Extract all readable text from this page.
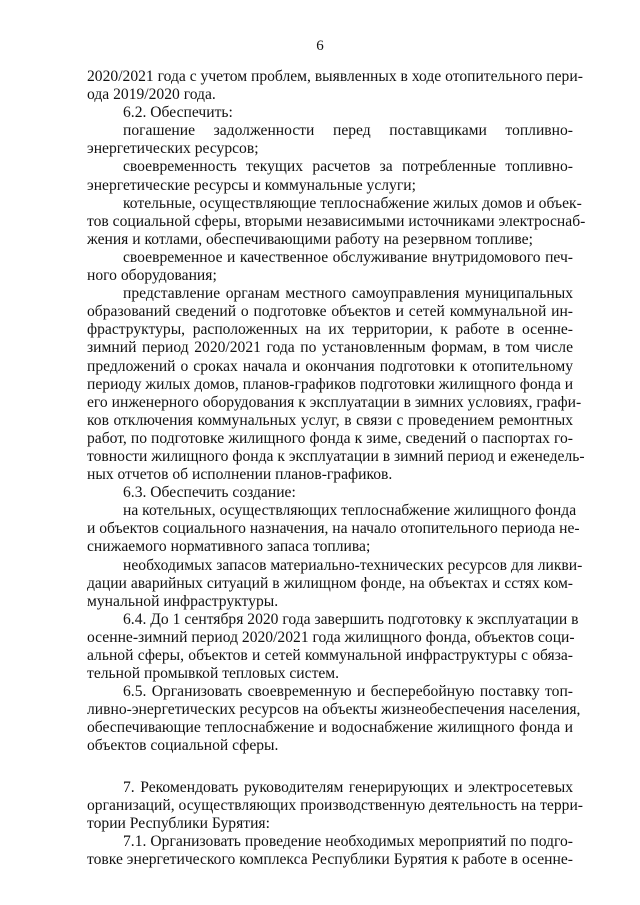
6
2020/2021 года с учетом проблем, выявленных в ходе отопительного пери-
ода 2019/2020 года.
6.2. Обеспечить:
погашение задолженности перед поставщиками топливно-
энергетических ресурсов;
своевременность текущих расчетов за потребленные топливно-
энергетические ресурсы и коммунальные услуги;
котельные, осуществляющие теплоснабжение жилых домов и объек-
тов социальной сферы, вторыми независимыми источниками электроснаб-
жения и котлами, обеспечивающими работу на резервном топливе;
своевременное и качественное обслуживание внутридомового печ-
ного оборудования;
представление органам местного самоуправления муниципальных
образований сведений о подготовке объектов и сетей коммунальной ин-
фраструктуры, расположенных на их территории, к работе в осенне-
зимний период 2020/2021 года по установленным формам, в том числе
предложений о сроках начала и окончания подготовки к отопительному
периоду жилых домов, планов-графиков подготовки жилищного фонда и
его инженерного оборудования к эксплуатации в зимних условиях, графи-
ков отключения коммунальных услуг, в связи с проведением ремонтных
работ, по подготовке жилищного фонда к зиме, сведений о паспортах го-
товности жилищного фонда к эксплуатации в зимний период и еженедель-
ных отчетов об исполнении планов-графиков.
6.3. Обеспечить создание:
на котельных, осуществляющих теплоснабжение жилищного фонда
и объектов социального назначения, на начало отопительного периода не-
снижаемого нормативного запаса топлива;
необходимых запасов материально-технических ресурсов для ликви-
дации аварийных ситуаций в жилищном фонде, на объектах и сстях ком-
мунальной инфраструктуры.
6.4. До 1 сентября 2020 года завершить подготовку к эксплуатации в
осенне-зимний период 2020/2021 года жилищного фонда, объектов соци-
альной сферы, объектов и сетей коммунальной инфраструктуры с обяза-
тельной промывкой тепловых систем.
6.5. Организовать своевременную и бесперебойную поставку топ-
ливно-энергетических ресурсов на объекты жизнеобеспечения населения,
обеспечивающие теплоснабжение и водоснабжение жилищного фонда и
объектов социальной сферы.
7. Рекомендовать руководителям генерирующих и электросетевых
организаций, осуществляющих производственную деятельность на терри-
тории Республики Бурятия:
7.1. Организовать проведение необходимых мероприятий по подго-
товке энергетического комплекса Республики Бурятия к работе в осенне-
